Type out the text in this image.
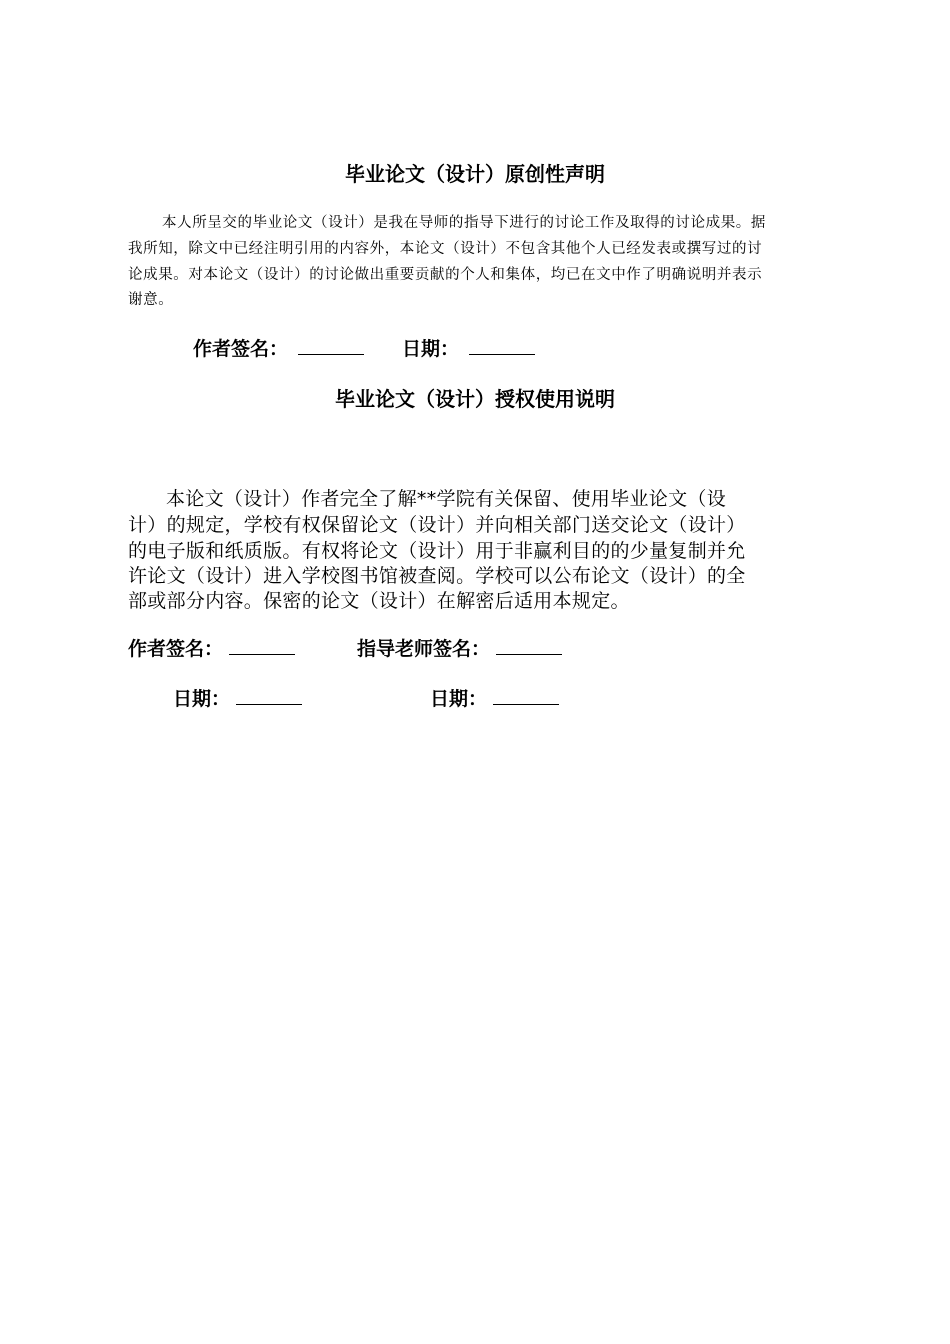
毕业论文（设计）原创性声明
本人所呈交的毕业论文（设计）是我在导师的指导下进行的讨论工作及取得的讨论成果。据
我所知，除文中已经注明引用的内容外，本论文（设计）不包含其他个人已经发表或撰写过的讨
论成果。对本论文（设计）的讨论做出重要贡献的个人和集体，均已在文中作了明确说明并表示
谢意。
作者签名：	日期：
毕业论文（设计）授权使用说明
本论文（设计）作者完全了解**学院有关保留、使用毕业论文（设
计）的规定，学校有权保留论文（设计）并向相关部门送交论文（设计）
的电子版和纸质版。有权将论文（设计）用于非赢利目的的少量复制并允
许论文（设计）进入学校图书馆被查阅。学校可以公布论文（设计）的全
部或部分内容。保密的论文（设计）在解密后适用本规定。
作者签名：	指导老师签名：
日期：	日期：
